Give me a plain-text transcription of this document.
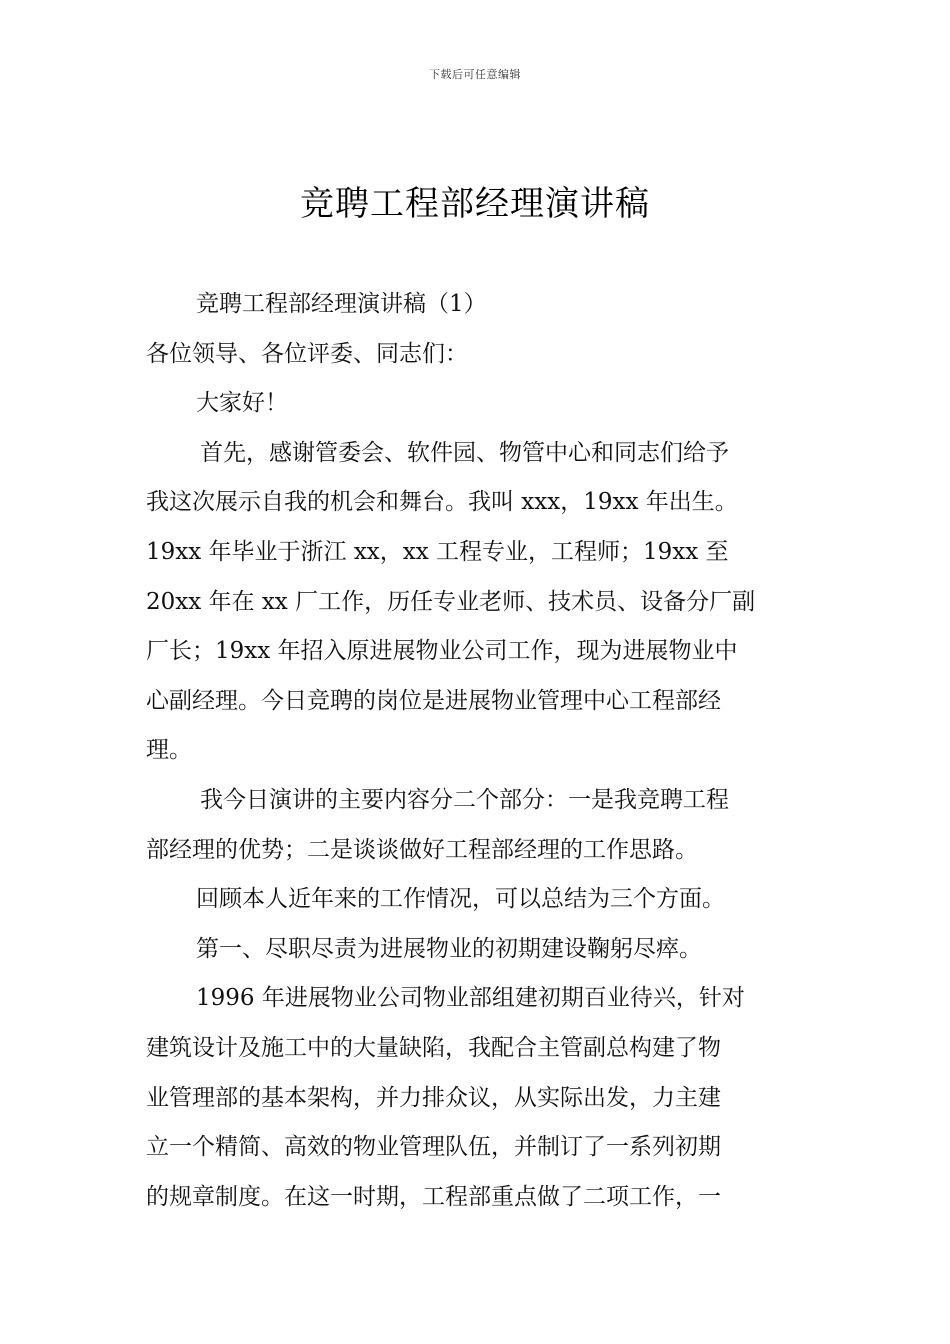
下载后可任意编辑
竞聘工程部经理演讲稿

竞聘工程部经理演讲稿（1）

各位领导、各位评委、同志们：

大家好！

首先，感谢管委会、软件园、物管中心和同志们给予

我这次展示自我的机会和舞台。我叫 xxx，19xx 年出生。

19xx 年毕业于浙江 xx，xx 工程专业，工程师；19xx 至

20xx 年在 xx 厂工作，历任专业老师、技术员、设备分厂副

厂长；19xx 年招入原进展物业公司工作，现为进展物业中

心副经理。今日竞聘的岗位是进展物业管理中心工程部经

理。

我今日演讲的主要内容分二个部分：一是我竞聘工程

部经理的优势；二是谈谈做好工程部经理的工作思路。

回顾本人近年来的工作情况，可以总结为三个方面。

第一、尽职尽责为进展物业的初期建设鞠躬尽瘁。

1996 年进展物业公司物业部组建初期百业待兴，针对

建筑设计及施工中的大量缺陷，我配合主管副总构建了物

业管理部的基本架构，并力排众议，从实际出发，力主建

立一个精简、高效的物业管理队伍，并制订了一系列初期

的规章制度。在这一时期，工程部重点做了二项工作，一
